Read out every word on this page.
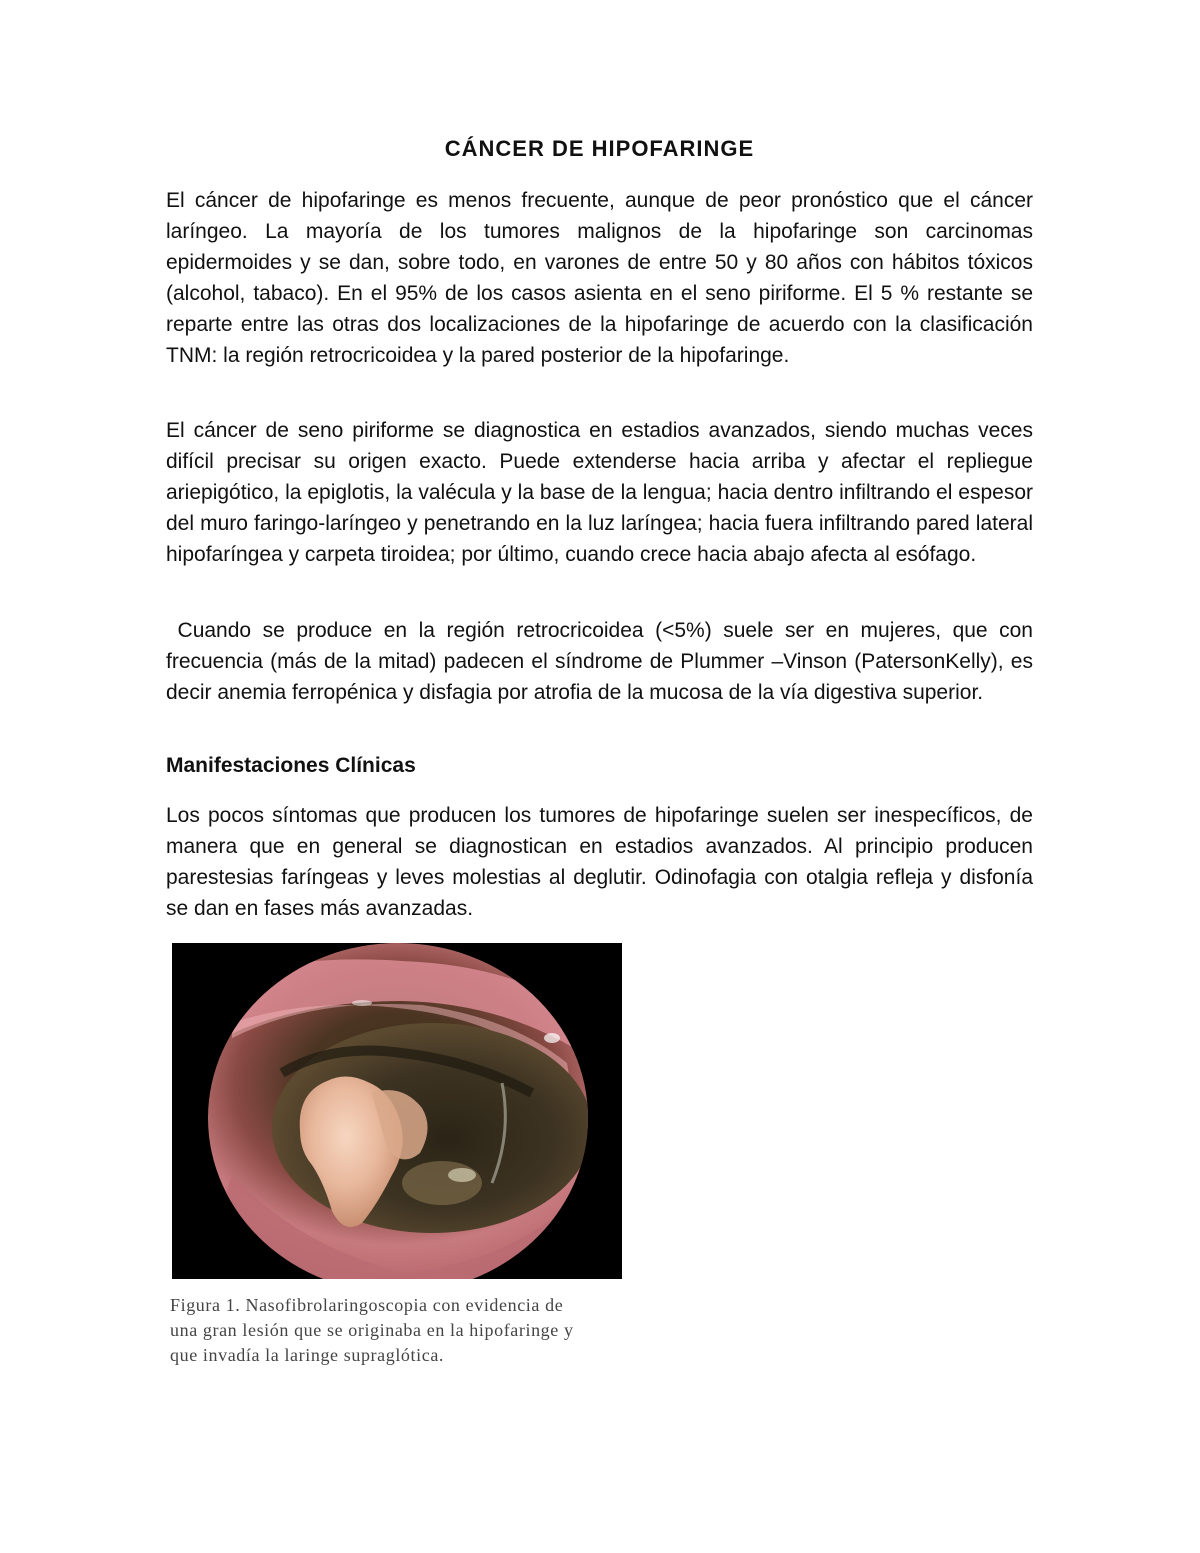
CÁNCER DE HIPOFARINGE

El cáncer de hipofaringe es menos frecuente, aunque de peor pronóstico que el cáncer laríngeo. La mayoría de los tumores malignos de la hipofaringe son carcinomas epidermoides y se dan, sobre todo, en varones de entre 50 y 80 años con hábitos tóxicos (alcohol, tabaco). En el 95% de los casos asienta en el seno piriforme. El 5 % restante se reparte entre las otras dos localizaciones de la hipofaringe de acuerdo con la clasificación TNM: la región retrocricoidea y la pared posterior de la hipofaringe.

El cáncer de seno piriforme se diagnostica en estadios avanzados, siendo muchas veces difícil precisar su origen exacto. Puede extenderse hacia arriba y afectar el repliegue ariepigótico, la epiglotis, la valécula y la base de la lengua; hacia dentro infiltrando el espesor del muro faringo-laríngeo y penetrando en la luz laríngea; hacia fuera infiltrando pared lateral hipofaríngea y carpeta tiroidea; por último, cuando crece hacia abajo afecta al esófago.

Cuando se produce en la región retrocricoidea (<5%) suele ser en mujeres, que con frecuencia (más de la mitad) padecen el síndrome de Plummer –Vinson (PatersonKelly), es decir anemia ferropénica y disfagia por atrofia de la mucosa de la vía digestiva superior.

Manifestaciones Clínicas

Los pocos síntomas que producen los tumores de hipofaringe suelen ser inespecíficos, de manera que en general se diagnostican en estadios avanzados. Al principio producen parestesias faríngeas y leves molestias al deglutir. Odinofagia con otalgia refleja y disfonía se dan en fases más avanzadas.

Figura 1. Nasofibrolaringoscopia con evidencia de
una gran lesión que se originaba en la hipofaringe y
que invadía la laringe supraglótica.
